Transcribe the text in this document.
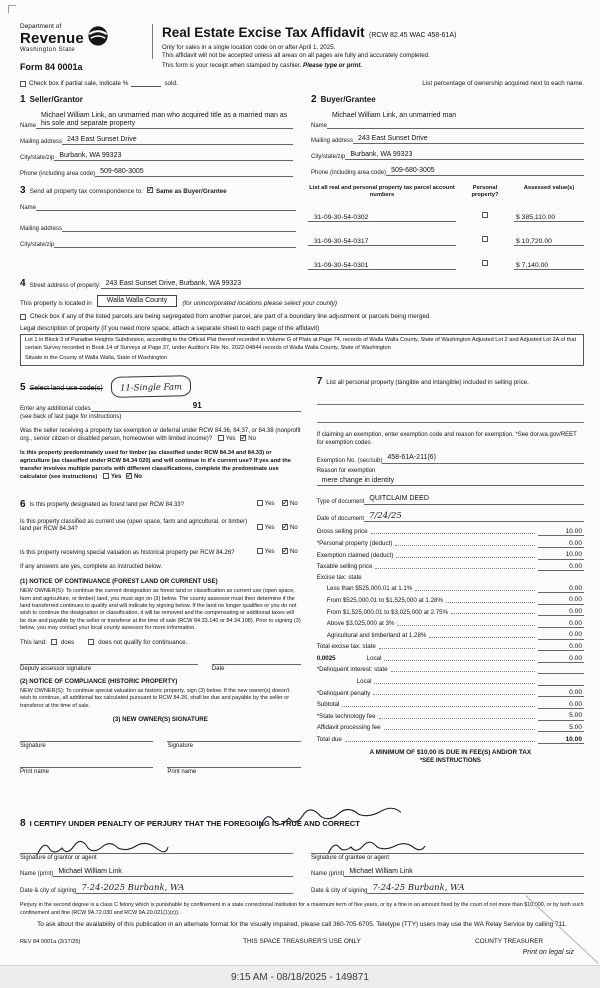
Department of
Revenue
Washington State
Real Estate Excise Tax Affidavit (RCW 82.45 WAC 458-61A)
Only for sales in a single location code on or after April 1, 2025.
This affidavit will not be accepted unless all areas on all pages are fully and accurately completed.
Form 84 0001a	This form is your receipt when stamped by cashier. Please type or print.
Check box if partial sale, indicate %	sold.	List percentage of ownership acquired next to each name.
1 Seller/Grantor
Name
Michael William Link, an unmarried man who acquired title as a married man as his sole and separate property
Mailing address 243 East Sunset Drive
City/state/zip Burbank, WA 99323
Phone (including area code) 509-680-3005
2 Buyer/Grantee
Name
Michael William Link, an unmarried man
Mailing address 243 East Sunset Drive
City/state/zip Burbank, WA 99323
Phone (including area code) 509-680-3005
3 Send all property tax correspondence to: ✓ Same as Buyer/Grantee
Name
Mailing address
City/state/zip
List all real and personal property tax parcel account numbers
Personal property?
Assessed value(s)
31-09-30-54-0302	$ 385,110.00
31-09-30-54-0317	$ 10,720.00
31-09-30-54-0301	$ 7,140.00
4 Street address of property: 243 East Sunset Drive, Burbank, WA 99323
This property is located in	Walla Walla County	(for unincorporated locations please select your county)
Check box if any of the listed parcels are being segregated from another parcel, are part of a boundary line adjustment or parcels being merged.
Legal description of property (if you need more space, attach a separate sheet to each page of the affidavit)
Lot 1 in Block 3 of Paradise Heights Subdivision, according to the Official Plat thereof recorded in Volume G of Plats at Page 74, records of Walla Walla County, State of Washington Adjusted Lot 2 and Adjusted Lot 2A of that certain Survey recorded in Book 14 of Surveys at Page 37, under Auditor's File No. 2022-04844 records of Walla Walla County, State of Washington
Situate in the County of Walla Walla, State of Washington
5 Select land use code(s)	11-Single Fam
Enter any additional codes	91
(see back of last page for instructions)
Was the seller receiving a property tax exemption or deferral under RCW 84.36, 84.37, or 84.38 (nonprofit org., senior citizen or disabled person, homeowner with limited income)? Yes ✓ No
Is this property predominately used for timber (as classified under RCW 84.34 and 84.33) or agriculture (as classified under RCW 84.34 020) and will continue in it's current use? If yes and the transfer involves multiple parcels with different classifications, complete the predominate use calculator (see instructions) Yes ✓ No
6 Is this property designated as forest land per RCW 84.33?	Yes ✓	No
Is this property classified as current use (open space, farm and agricultural, or timber) land per RCW 84.34?	Yes ✓	No
Is this property receiving special valuation as historical property per RCW 84.26?	Yes ✓	No
If any answers are yes, complete as instructed below.
(1) NOTICE OF CONTINUANCE (FOREST LAND OR CURRENT USE)
NEW OWNER(S): To continue the current designation as forest land or classification as current use (open space, farm and agriculture, or timber) land, you must sign on (3) below. The county assessor must then determine if the land transferred continues to qualify and will indicate by signing below. If the land no longer qualifies or you do not wish to continue the designation or classification, it will be removed and the compensating or additional taxes will be due and payable by the seller or transferor at the time of sale (RCW 84.33.140 or 84.34.108). Prior to signing (3) below, you may contact your local county assessor for more information.
This land: does	does not qualify for continuance.
Deputy assessor signature	Date
(2) NOTICE OF COMPLIANCE (HISTORIC PROPERTY)
NEW OWNER(S): To continue special valuation as historic property, sign (3) below. If the new owner(s) doesn't wish to continue, all additional tax calculated pursuant to RCW 84.26, shall be due and payable by the seller or transferor at the time of sale.
(3) NEW OWNER(S) SIGNATURE
Signature	Signature
Print name	Print name
7 List all personal property (tangible and intangible) included in selling price.
If claiming an exemption, enter exemption code and reason for exemption. *See dor.wa.gov/REET for exemption codes
Exemption No. (sec/sub) 458-61A-211(6)
Reason for exemption
mere change in identity
Type of document QUITCLAIM DEED
Date of document 7/24/25
Gross selling price	10.00
*Personal property (deduct)	0.00
Exemption claimed (deduct)	10.00
Taxable selling price	0.00
Excise tax: state
Less than $525,000.01 at 1.1%	0.00
From $525,000.01 to $1,525,000 at 1.28%	0.00
From $1,525,000.01 to $3,025,000 at 2.75%	0.00
Above $3,025,000 at 3%	0.00
Agricultural and timberland at 1.28%	0.00
Total excise tax: state	0.00
0.0025	Local	0.00
*Delinquent interest: state
Local
*Delinquent penalty	0.00
Subtotal	0.00
*State technology fee	5.00
Affidavit processing fee	5.00
Total due	10.00
A MINIMUM OF $10.00 IS DUE IN FEE(S) AND/OR TAX
*SEE INSTRUCTIONS
8 I CERTIFY UNDER PENALTY OF PERJURY THAT THE FOREGOING IS TRUE AND CORRECT
Signature of grantor or agent
Name (print) Michael William Link
Date & city of signing 7-24-2025 Burbank, WA
Signature of grantee or agent
Name (print) Michael William Link
Date & city of signing 7-24-25 Burbank, WA
Perjury in the second degree is a class C felony which is punishable by confinement in a state correctional institution for a maximum term of five years, or by a fine in an amount fixed by the court of not more than $10,000, or by both such confinement and fine (RCW 9A.72.030 and RCW 9A.20.021(1)(c)).
To ask about the availability of this publication in an alternate format for the visually impaired, please call 360-705-6705. Teletype (TTY) users may use the WA Relay Service by calling 711.
REV 84 0001a (3/17/25)	THIS SPACE TREASURER'S USE ONLY	COUNTY TREASURER
Print on legal siz
9:15 AM - 08/18/2025 - 149871
